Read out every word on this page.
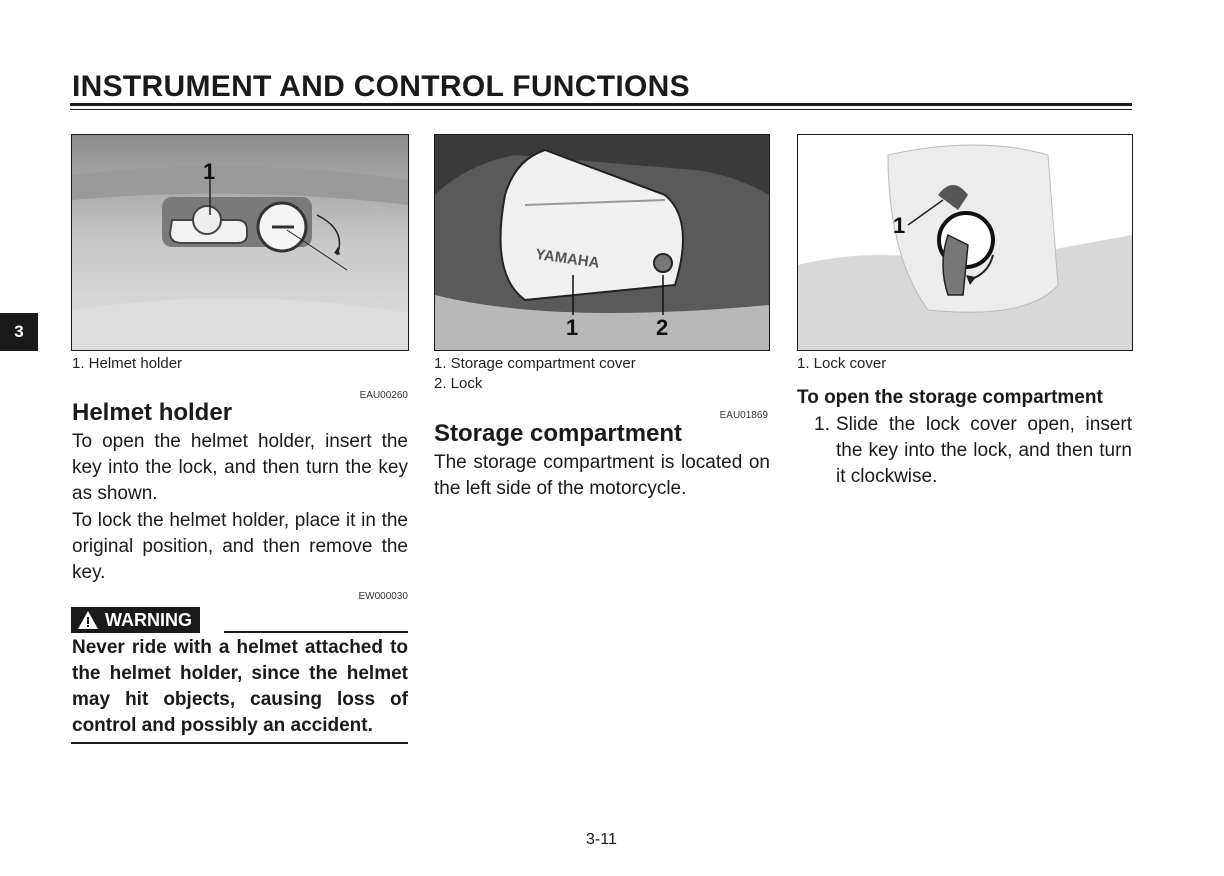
INSTRUMENT AND CONTROL FUNCTIONS
3
1
YAMAHA
1	2
1
1. Helmet holder	1. Storage compartment cover
2. Lock
1. Lock cover
EAU00260
Helmet holder
To open the helmet holder, insert the key into the lock, and then turn the key as shown.
To lock the helmet holder, place it in the original position, and then remove the key.
EW000030
WARNING
Never ride with a helmet attached to the helmet holder, since the helmet may hit objects, causing loss of control and possibly an accident.
EAU01869
Storage compartment
The storage compartment is located on the left side of the motorcycle.
To open the storage compartment
1. Slide the lock cover open, insert the key into the lock, and then turn it clockwise.
3-11
